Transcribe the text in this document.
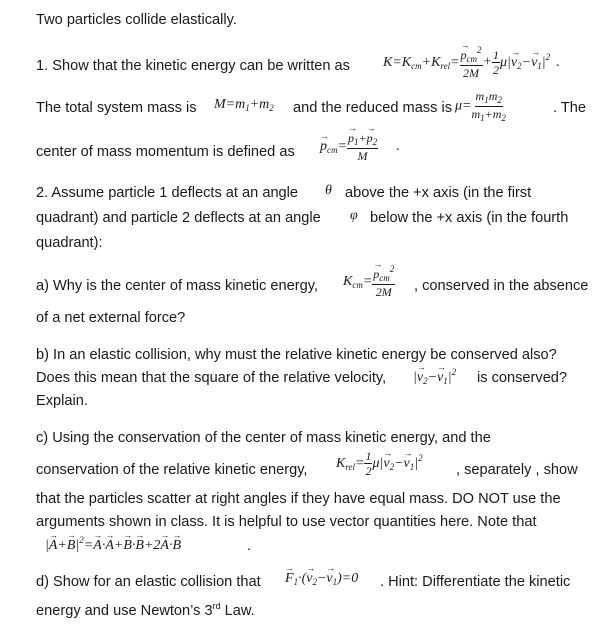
Two particles collide elastically.
1. Show that the kinetic energy can be written as $K=K_{cm}+K_{rel}=$
→ $\frac{p_{cm}^2}{2M} + \frac{1}{2} \mu|\to v_2-\to v_1|^2$ .
The total system mass is $M=m_1+m_2$ and the reduced mass is $\mu= \frac{m_1m_2}{m_1+m_2}$	. The
center of mass momentum is defined as
→ $p_{cm}=$
→ $\frac{p_1+\to p_2}{M}$ .
2. Assume particle 1 deflects at an angle θ above the +x axis (in the first
quadrant) and particle 2 deflects at an angle φ below the +x axis (in the fourth
quadrant):
a) Why is the center of mass kinetic energy, $K_{cm}=$
→ $\frac{p_{cm}^2}{2M}$ , conserved in the absence
of a net external force?
b) In an elastic collision, why must the relative kinetic energy be conserved also?
Does this mean that the square of the relative velocity, |→ $v_2-\to v_1|^2$ is conserved?
Explain.
c) Using the conservation of the center of mass kinetic energy, and the
conservation of the relative kinetic energy, $K_{rel}= \frac{1}{2} \mu|\to v_2-\to v_1|^2$
, separately , show
that the particles scatter at right angles if they have equal mass. DO NOT use the
arguments shown in class. It is helpful to use vector quantities here. Note that
|→ $A+\to B|^2=\to A\cdot\to A+\to B\cdot\to B+2\to A\cdot\to B$	.
d) Show for an elastic collision that
→ $F_1\cdot(\to v_2-\to v_1)=0$ . Hint: Differentiate the kinetic
energy and use Newton’s 3rd Law.
